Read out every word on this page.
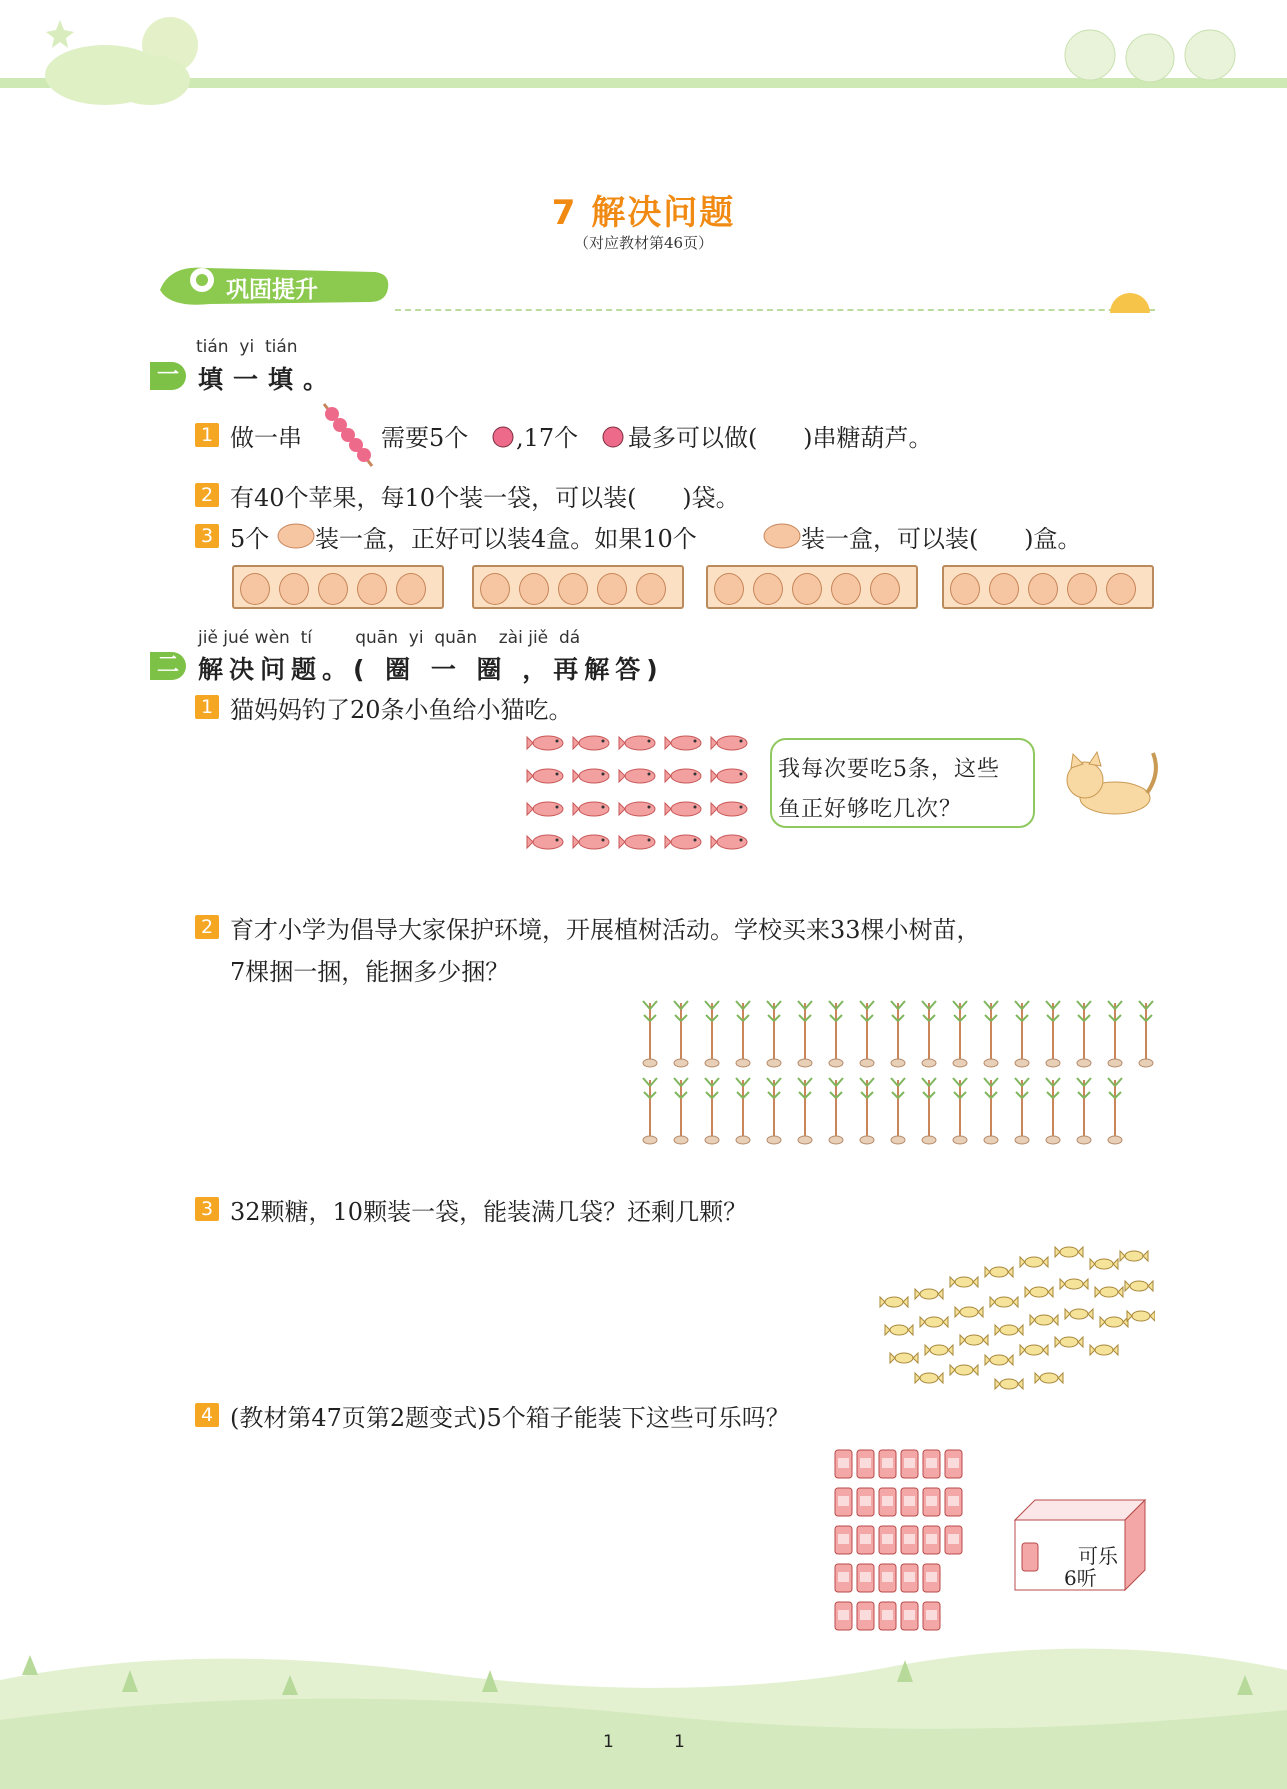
7 解决问题
（对应教材第46页）
巩固提升
tián  yi  tián
一 填一填。
1 做一串	需要5个 ,17个 最多可以做(      )串糖葫芦。
2 有40个苹果，每10个装一袋，可以装(      )袋。
3 5个 装一盒，正好可以装4盒。如果10个	装一盒，可以装(      )盒。
jiě jué wèn  tí        quān  yi  quān    zài jiě  dá
二 解决问题。( 圈 一 圈 ，再解答)
1 猫妈妈钓了20条小鱼给小猫吃。
我每次要吃5条，这些
鱼正好够吃几次？
2 育才小学为倡导大家保护环境，开展植树活动。学校买来33棵小树苗，
7棵捆一捆，能捆多少捆？
3 32颗糖，10颗装一袋，能装满几袋？还剩几颗？
4 (教材第47页第2题变式)5个箱子能装下这些可乐吗？
可乐
6听
1	1
